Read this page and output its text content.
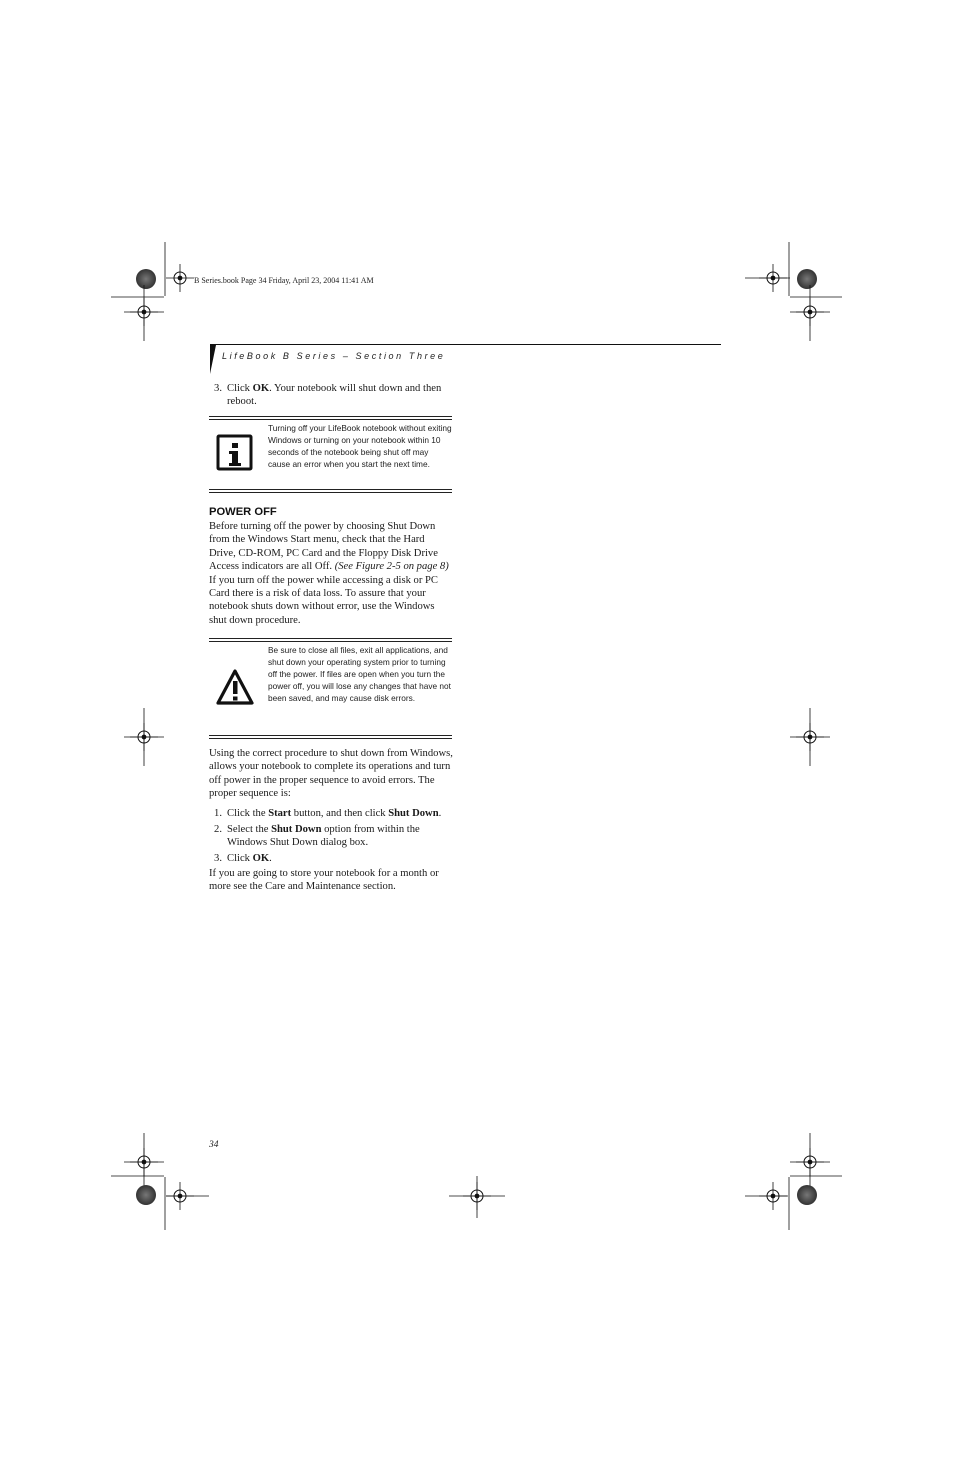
B Series.book Page 34 Friday, April 23, 2004 11:41 AM
LifeBook B Series – Section Three
3. Click OK. Your notebook will shut down and then reboot.
Turning off your LifeBook notebook without exiting Windows or turning on your notebook within 10 seconds of the notebook being shut off may cause an error when you start the next time.
POWER OFF
Before turning off the power by choosing Shut Down from the Windows Start menu, check that the Hard Drive, CD-ROM, PC Card and the Floppy Disk Drive Access indicators are all Off. (See Figure 2-5 on page 8) If you turn off the power while accessing a disk or PC Card there is a risk of data loss. To assure that your notebook shuts down without error, use the Windows shut down procedure.
Be sure to close all files, exit all applications, and shut down your operating system prior to turning off the power. If files are open when you turn the power off, you will lose any changes that have not been saved, and may cause disk errors.
Using the correct procedure to shut down from Windows, allows your notebook to complete its operations and turn off power in the proper sequence to avoid errors. The proper sequence is:
1. Click the Start button, and then click Shut Down.
2. Select the Shut Down option from within the Windows Shut Down dialog box.
3. Click OK.
If you are going to store your notebook for a month or more see the Care and Maintenance section.
34
